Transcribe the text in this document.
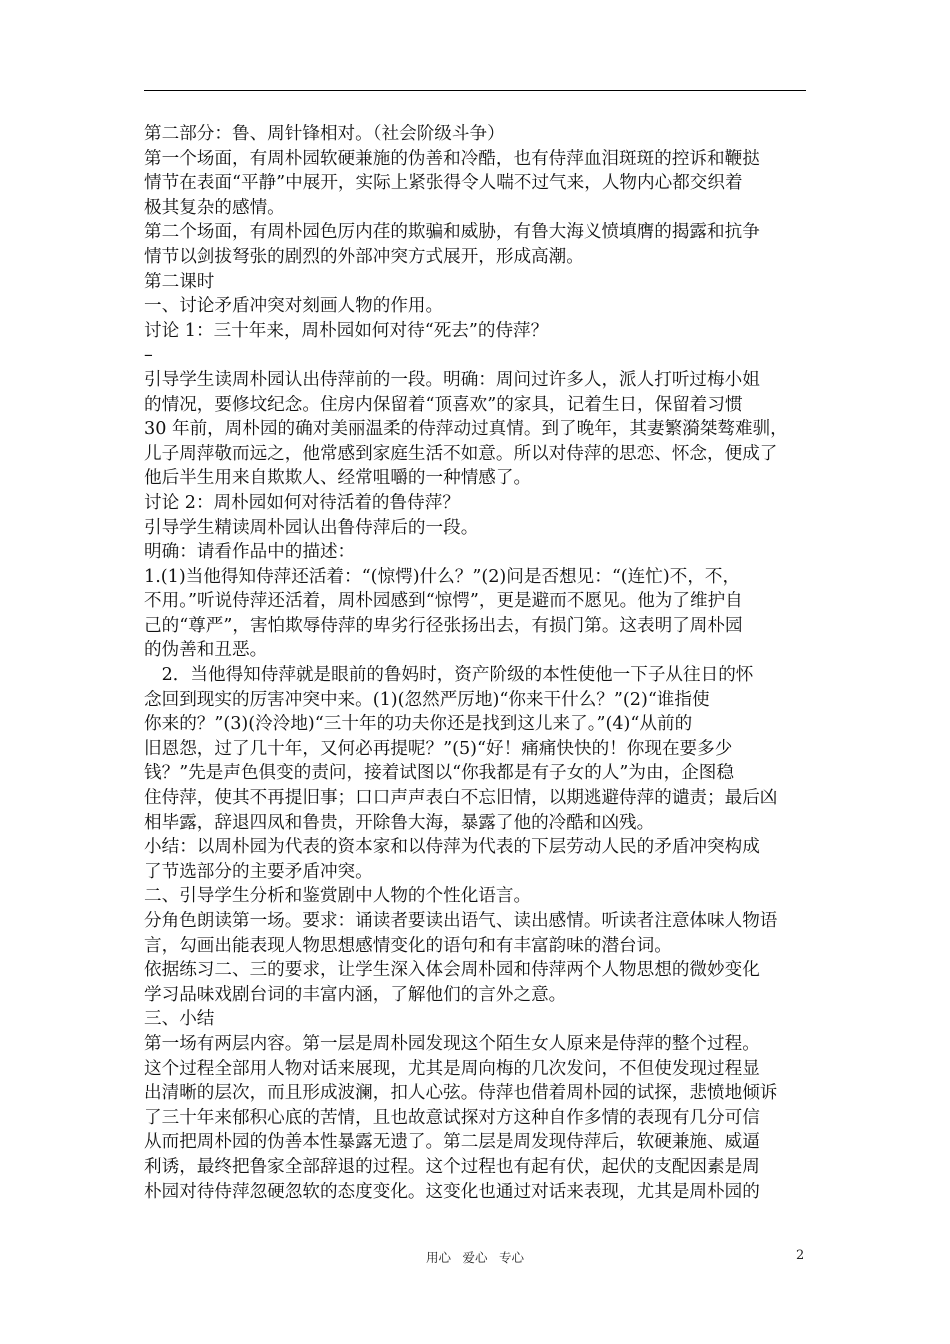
第二部分：鲁、周针锋相对。（社会阶级斗争）
第一个场面，有周朴园软硬兼施的伪善和冷酷，也有侍萍血泪斑斑的控诉和鞭挞
情节在表面“平静”中展开，实际上紧张得令人喘不过气来，人物内心都交织着
极其复杂的感情。
第二个场面，有周朴园色厉内荏的欺骗和威胁，有鲁大海义愤填膺的揭露和抗争
情节以剑拔弩张的剧烈的外部冲突方式展开，形成高潮。
第二课时
一、讨论矛盾冲突对刻画人物的作用。
讨论 1：三十年来，周朴园如何对待“死去”的侍萍？
–
引导学生读周朴园认出侍萍前的一段。明确：周问过许多人，派人打听过梅小姐
的情况，要修坟纪念。住房内保留着“顶喜欢”的家具，记着生日，保留着习惯
30 年前，周朴园的确对美丽温柔的侍萍动过真情。到了晚年，其妻繁漪桀骜难驯，
儿子周萍敬而远之，他常感到家庭生活不如意。所以对侍萍的思恋、怀念，便成了
他后半生用来自欺欺人、经常咀嚼的一种情感了。
讨论 2：周朴园如何对待活着的鲁侍萍？
引导学生精读周朴园认出鲁侍萍后的一段。
明确：请看作品中的描述：
1.(1)当他得知侍萍还活着：“(惊愕)什么？”(2)问是否想见：“(连忙)不，不，
不用。”听说侍萍还活着，周朴园感到“惊愕”，更是避而不愿见。他为了维护自
己的“尊严”，害怕欺辱侍萍的卑劣行径张扬出去，有损门第。这表明了周朴园
的伪善和丑恶。
　2．当他得知侍萍就是眼前的鲁妈时，资产阶级的本性使他一下子从往日的怀
念回到现实的厉害冲突中来。(1)(忽然严厉地)“你来干什么？”(2)“谁指使
你来的？”(3)(泠泠地)“三十年的功夫你还是找到这儿来了。”(4)“从前的
旧恩怨，过了几十年，又何必再提呢？”(5)“好！痛痛快快的！你现在要多少
钱？”先是声色俱变的责问，接着试图以“你我都是有子女的人”为由，企图稳
住侍萍，使其不再提旧事；口口声声表白不忘旧情，以期逃避侍萍的谴责；最后凶
相毕露，辞退四凤和鲁贵，开除鲁大海，暴露了他的冷酷和凶残。
小结：以周朴园为代表的资本家和以侍萍为代表的下层劳动人民的矛盾冲突构成
了节选部分的主要矛盾冲突。
二、引导学生分析和鉴赏剧中人物的个性化语言。
分角色朗读第一场。要求：诵读者要读出语气、读出感情。听读者注意体味人物语
言，勾画出能表现人物思想感情变化的语句和有丰富韵味的潜台词。
依据练习二、三的要求，让学生深入体会周朴园和侍萍两个人物思想的微妙变化
学习品味戏剧台词的丰富内涵，了解他们的言外之意。
三、小结
第一场有两层内容。第一层是周朴园发现这个陌生女人原来是侍萍的整个过程。
这个过程全部用人物对话来展现，尤其是周向梅的几次发问，不但使发现过程显
出清晰的层次，而且形成波澜，扣人心弦。侍萍也借着周朴园的试探，悲愤地倾诉
了三十年来郁积心底的苦情，且也故意试探对方这种自作多情的表现有几分可信
从而把周朴园的伪善本性暴露无遗了。第二层是周发现侍萍后，软硬兼施、威逼
利诱，最终把鲁家全部辞退的过程。这个过程也有起有伏，起伏的支配因素是周
朴园对待侍萍忽硬忽软的态度变化。这变化也通过对话来表现，尤其是周朴园的
用心 爱心 专心	2
